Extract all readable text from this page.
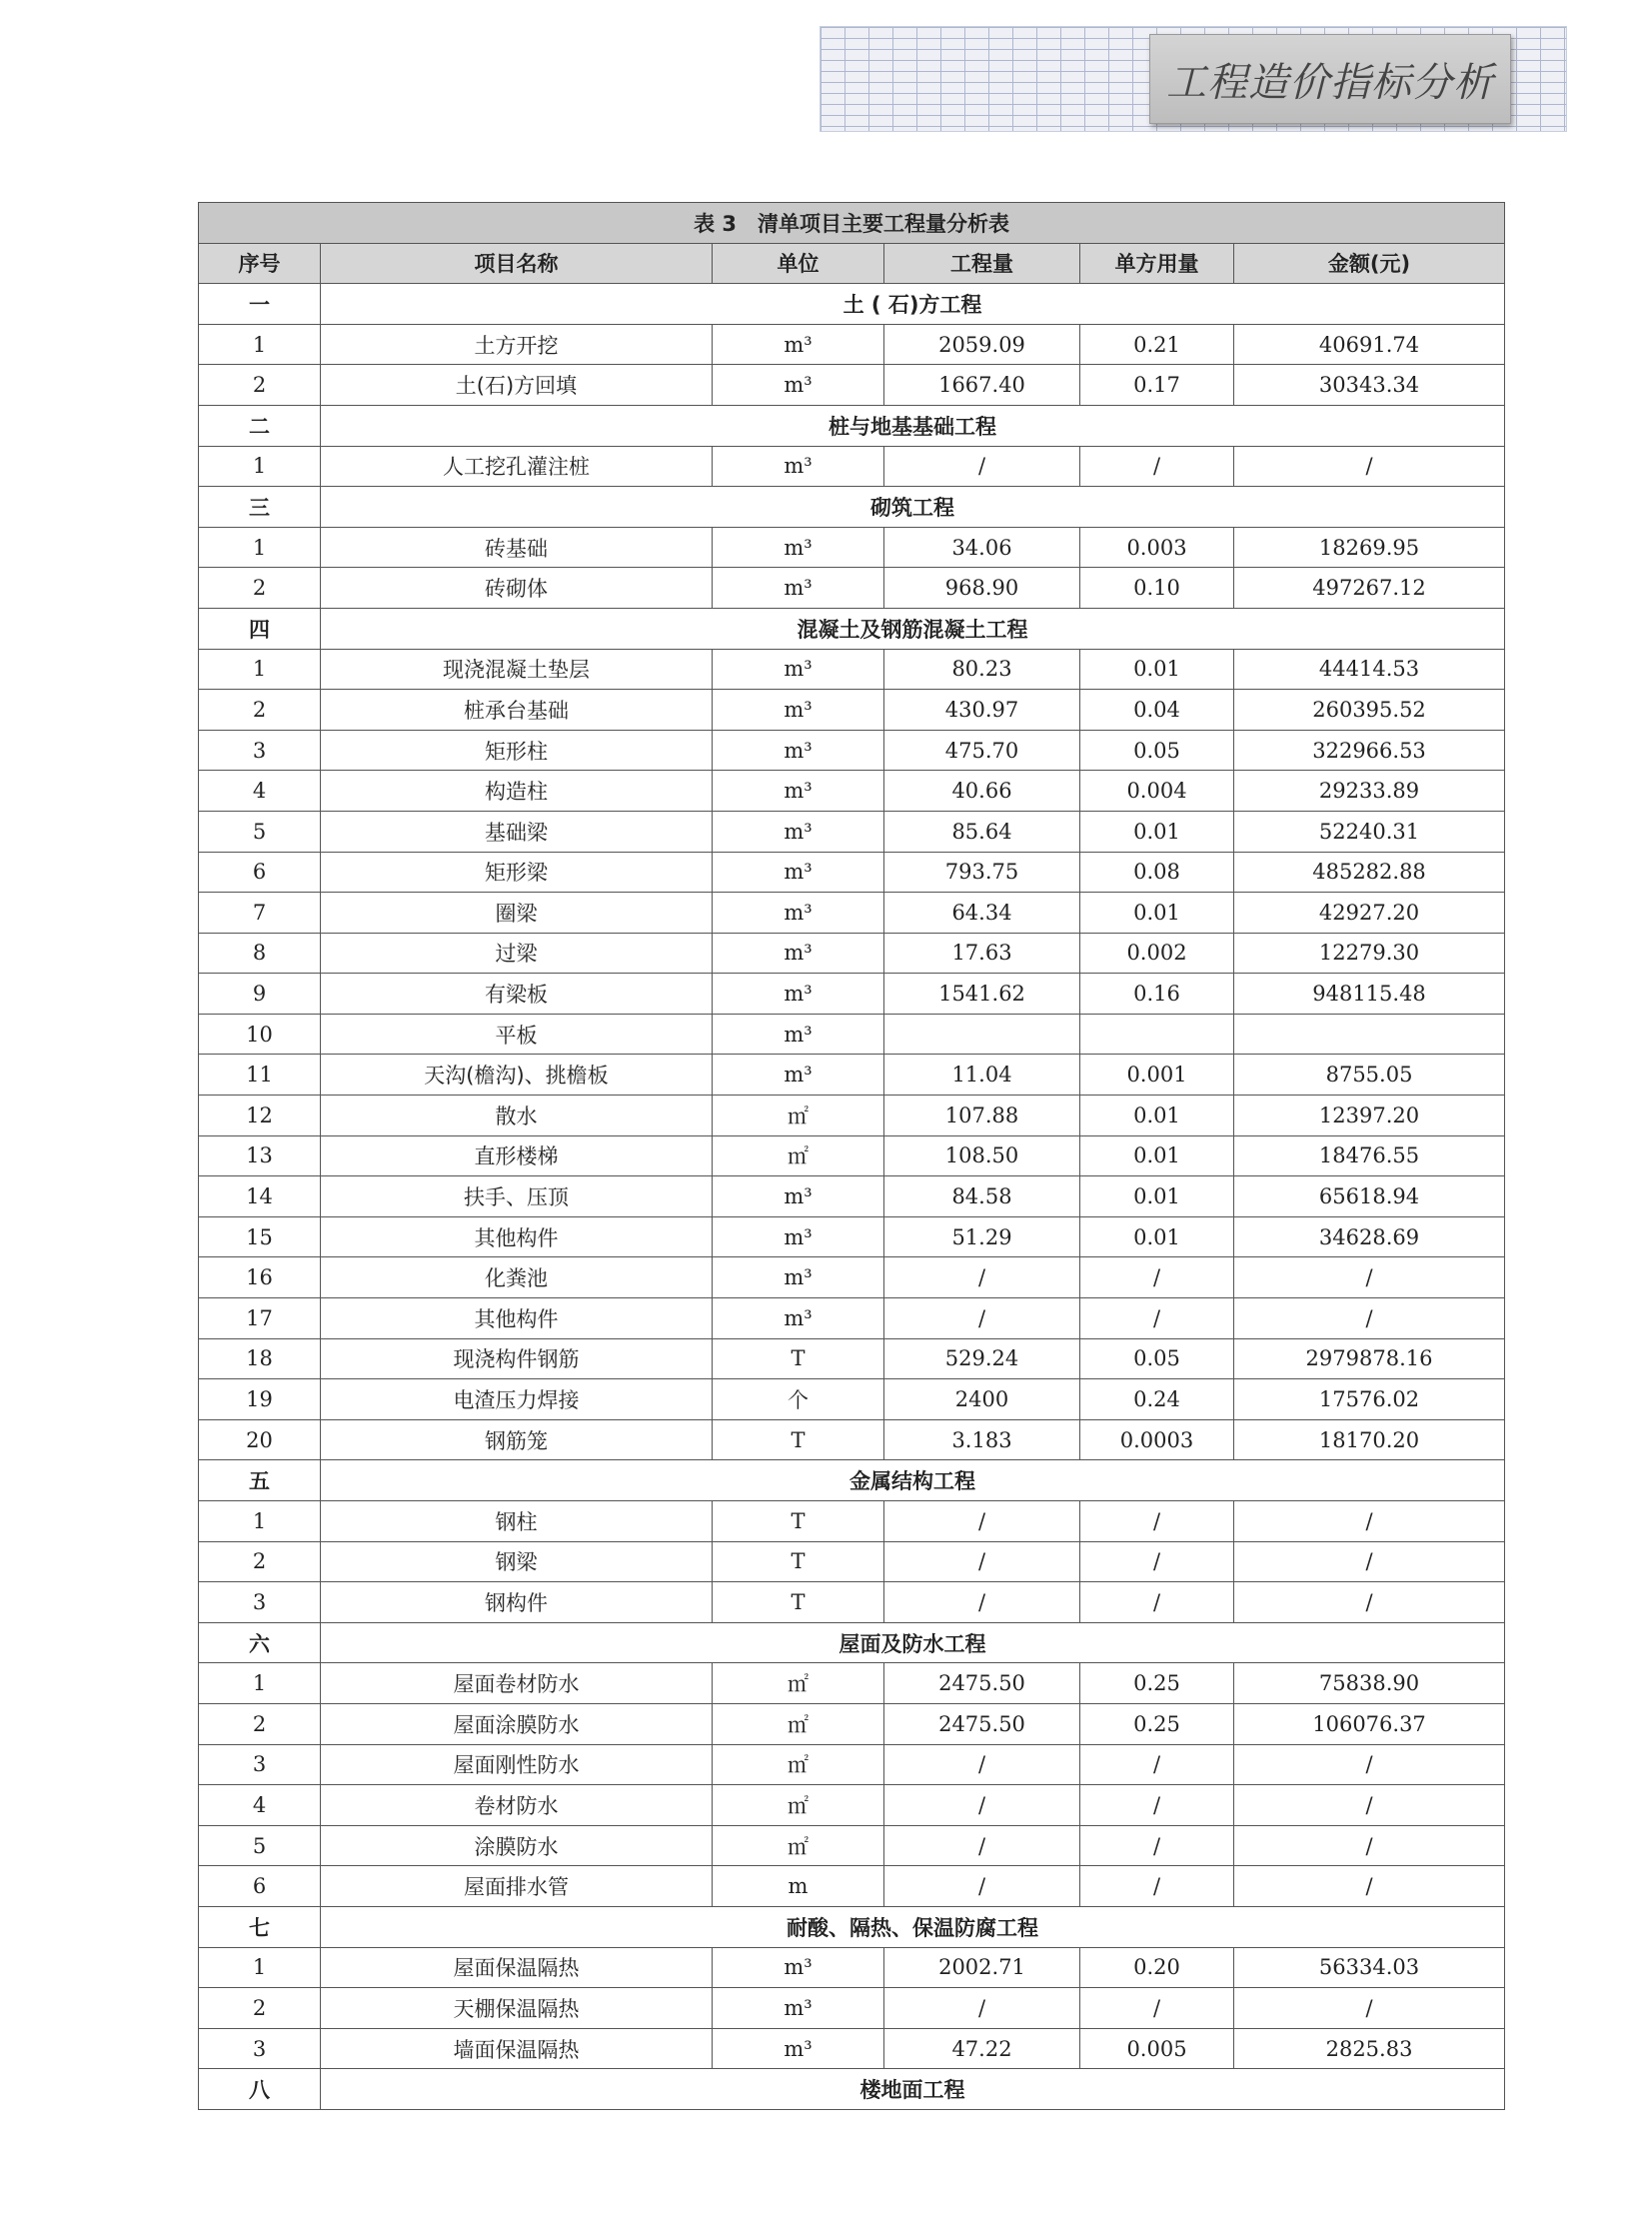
工程造价指标分析
表 3　清单项目主要工程量分析表					
序号	项目名称	单位	工程量	单方用量	金额(元)
一	土 ( 石)方工程				
1	土方开挖	m³	2059.09	0.21	40691.74
2	土(石)方回填	m³	1667.40	0.17	30343.34
二	桩与地基基础工程				
1	人工挖孔灌注桩	m³	/	/	/
三	砌筑工程				
1	砖基础	m³	34.06	0.003	18269.95
2	砖砌体	m³	968.90	0.10	497267.12
四	混凝土及钢筋混凝土工程				
1	现浇混凝土垫层	m³	80.23	0.01	44414.53
2	桩承台基础	m³	430.97	0.04	260395.52
3	矩形柱	m³	475.70	0.05	322966.53
4	构造柱	m³	40.66	0.004	29233.89
5	基础梁	m³	85.64	0.01	52240.31
6	矩形梁	m³	793.75	0.08	485282.88
7	圈梁	m³	64.34	0.01	42927.20
8	过梁	m³	17.63	0.002	12279.30
9	有梁板	m³	1541.62	0.16	948115.48
10	平板	m³			
11	天沟(檐沟)、挑檐板	m³	11.04	0.001	8755.05
12	散水	㎡	107.88	0.01	12397.20
13	直形楼梯	㎡	108.50	0.01	18476.55
14	扶手、压顶	m³	84.58	0.01	65618.94
15	其他构件	m³	51.29	0.01	34628.69
16	化粪池	m³	/	/	/
17	其他构件	m³	/	/	/
18	现浇构件钢筋	T	529.24	0.05	2979878.16
19	电渣压力焊接	个	2400	0.24	17576.02
20	钢筋笼	T	3.183	0.0003	18170.20
五	金属结构工程				
1	钢柱	T	/	/	/
2	钢梁	T	/	/	/
3	钢构件	T	/	/	/
六	屋面及防水工程				
1	屋面卷材防水	㎡	2475.50	0.25	75838.90
2	屋面涂膜防水	㎡	2475.50	0.25	106076.37
3	屋面刚性防水	㎡	/	/	/
4	卷材防水	㎡	/	/	/
5	涂膜防水	㎡	/	/	/
6	屋面排水管	m	/	/	/
七	耐酸、隔热、保温防腐工程				
1	屋面保温隔热	m³	2002.71	0.20	56334.03
2	天棚保温隔热	m³	/	/	/
3	墙面保温隔热	m³	47.22	0.005	2825.83
八	楼地面工程				
